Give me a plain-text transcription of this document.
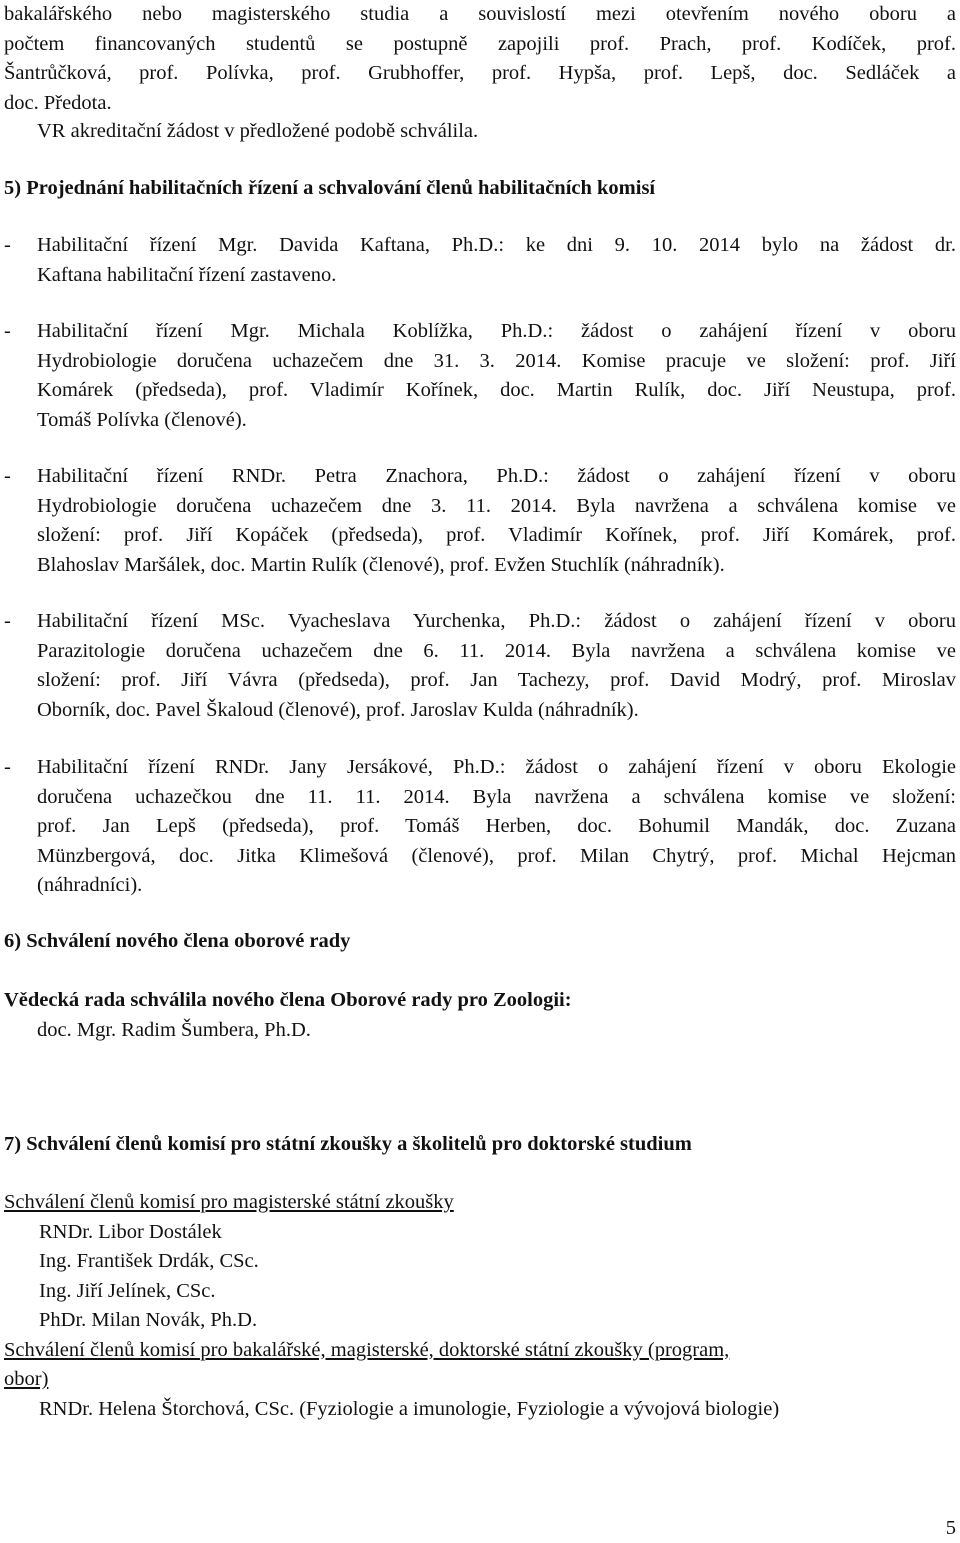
bakalářského nebo magisterského studia a souvislostí mezi otevřením nového oboru a
počtem financovaných studentů se postupně zapojili prof. Prach, prof. Kodíček, prof.
Šantrůčková, prof. Polívka, prof. Grubhoffer, prof. Hypša, prof. Lepš, doc. Sedláček a
doc. Předota.
VR akreditační žádost v předložené podobě schválila.
5) Projednání habilitačních řízení a schvalování členů habilitačních komisí
- Habilitační řízení Mgr. Davida Kaftana, Ph.D.: ke dni 9. 10. 2014 bylo na žádost dr.
Kaftana habilitační řízení zastaveno.
- Habilitační řízení Mgr. Michala Koblížka, Ph.D.: žádost o zahájení řízení v oboru
Hydrobiologie doručena uchazečem dne 31. 3. 2014. Komise pracuje ve složení: prof. Jiří
Komárek (předseda), prof. Vladimír Kořínek, doc. Martin Rulík, doc. Jiří Neustupa, prof.
Tomáš Polívka (členové).
- Habilitační řízení RNDr. Petra Znachora, Ph.D.: žádost o zahájení řízení v oboru
Hydrobiologie doručena uchazečem dne 3. 11. 2014. Byla navržena a schválena komise ve
složení: prof. Jiří Kopáček (předseda), prof. Vladimír Kořínek, prof. Jiří Komárek, prof.
Blahoslav Maršálek, doc. Martin Rulík (členové), prof. Evžen Stuchlík (náhradník).
- Habilitační řízení MSc. Vyacheslava Yurchenka, Ph.D.: žádost o zahájení řízení v oboru
Parazitologie doručena uchazečem dne 6. 11. 2014. Byla navržena a schválena komise ve
složení: prof. Jiří Vávra (předseda), prof. Jan Tachezy, prof. David Modrý, prof. Miroslav
Oborník, doc. Pavel Škaloud (členové), prof. Jaroslav Kulda (náhradník).
- Habilitační řízení RNDr. Jany Jersákové, Ph.D.: žádost o zahájení řízení v oboru Ekologie
doručena uchazečkou dne 11. 11. 2014. Byla navržena a schválena komise ve složení:
prof. Jan Lepš (předseda), prof. Tomáš Herben, doc. Bohumil Mandák, doc. Zuzana
Münzbergová, doc. Jitka Klimešová (členové), prof. Milan Chytrý, prof. Michal Hejcman
(náhradníci).
6) Schválení nového člena oborové rady
Vědecká rada schválila nového člena Oborové rady pro Zoologii:
doc. Mgr. Radim Šumbera, Ph.D.
7) Schválení členů komisí pro státní zkoušky a školitelů pro doktorské studium
Schválení členů komisí pro magisterské státní zkoušky
RNDr. Libor Dostálek
Ing. František Drdák, CSc.
Ing. Jiří Jelínek, CSc.
PhDr. Milan Novák, Ph.D.
Schválení členů komisí pro bakalářské, magisterské, doktorské státní zkoušky (program,
obor)
RNDr. Helena Štorchová, CSc. (Fyziologie a imunologie, Fyziologie a vývojová biologie)
5
